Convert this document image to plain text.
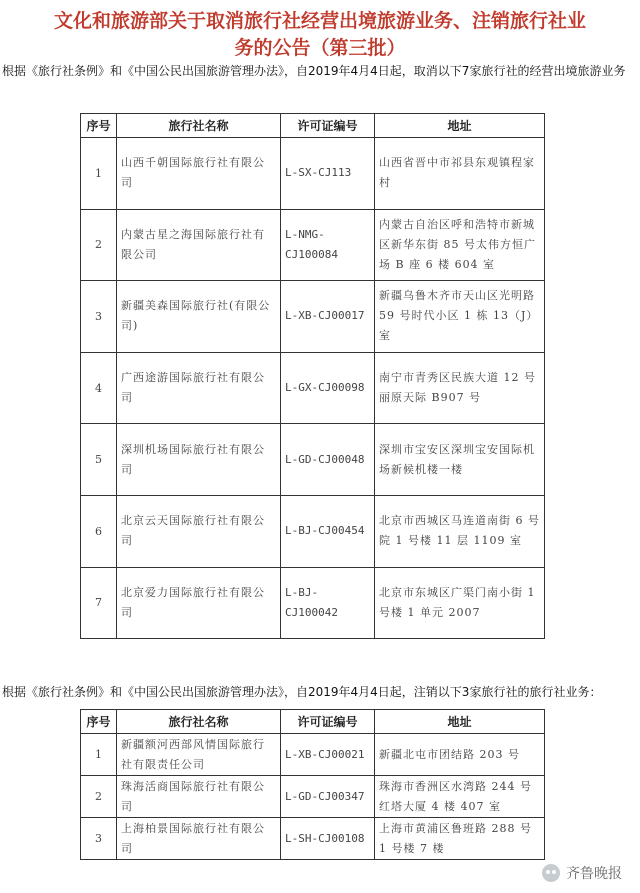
文化和旅游部关于取消旅行社经营出境旅游业务、注销旅行社业
务的公告（第三批）
根据《旅行社条例》和《中国公民出国旅游管理办法》，自2019年4月4日起，取消以下7家旅行社的经营出境旅游业务
序号	旅行社名称	许可证编号	地址
1	山西千朝国际旅行社有限公司	L-SX-CJ113	山西省晋中市祁县东观镇程家村
2	内蒙古星之海国际旅行社有限公司	L-NMG-CJ100084	内蒙古自治区呼和浩特市新城区新华东街 85 号太伟方恒广场 B 座 6 楼 604 室
3	新疆美森国际旅行社(有限公司)	L-XB-CJ00017	新疆乌鲁木齐市天山区光明路 59 号时代小区 1 栋 13（J）室
4	广西途游国际旅行社有限公司	L-GX-CJ00098	南宁市青秀区民族大道 12 号丽原天际 B907 号
5	深圳机场国际旅行社有限公司	L-GD-CJ00048	深圳市宝安区深圳宝安国际机场新候机楼一楼
6	北京云天国际旅行社有限公司	L-BJ-CJ00454	北京市西城区马连道南街 6 号院 1 号楼 11 层 1109 室
7	北京爱力国际旅行社有限公司	L-BJ-CJ100042	北京市东城区广渠门南小街 1 号楼 1 单元 2007
根据《旅行社条例》和《中国公民出国旅游管理办法》，自2019年4月4日起，注销以下3家旅行社的旅行社业务：
序号	旅行社名称	许可证编号	地址
1	新疆额河西部风情国际旅行社有限责任公司	L-XB-CJ00021	新疆北屯市团结路 203 号
2	珠海活商国际旅行社有限公司	L-GD-CJ00347	珠海市香洲区水湾路 244 号红塔大厦 4 楼 407 室
3	上海柏景国际旅行社有限公司	L-SH-CJ00108	上海市黄浦区鲁班路 288 号 1 号楼 7 楼
齐鲁晚报
